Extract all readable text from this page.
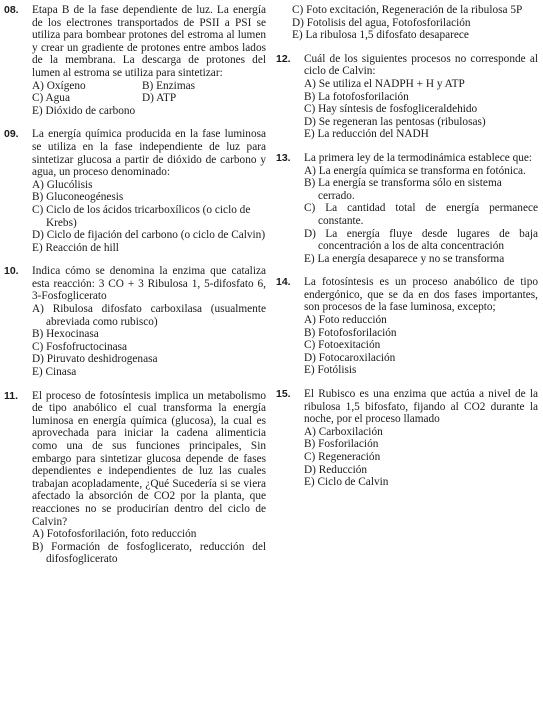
08. Etapa B de la fase dependiente de luz. La energía de los electrones transportados de PSII a PSI se utiliza para bombear protones del estroma al lumen y crear un gradiente de protones entre ambos lados de la membrana. La descarga de protones del lumen al estroma se utiliza para sintetizar:
A) Oxígeno	B) Enzimas
C) Agua	D) ATP
E) Dióxido de carbono
09. La energía química producida en la fase luminosa se utiliza en la fase independiente de luz para sintetizar glucosa a partir de dióxido de carbono y agua, un proceso denominado:
A) Glucólisis
B) Gluconeogénesis
C) Ciclo de los ácidos tricarboxílicos (o ciclo de Krebs)
D) Ciclo de fijación del carbono (o ciclo de Calvin)
E) Reacción de hill
10. Indica cómo se denomina la enzima que cataliza esta reacción: 3 CO + 3 Ribulosa 1, 5-difosfato 6, 3-Fosfoglicerato
A) Ribulosa difosfato carboxilasa (usualmente abreviada como rubisco)
B) Hexocinasa
C) Fosfofructocinasa
D) Piruvato deshidrogenasa
E) Cinasa
11. El proceso de fotosíntesis implica un metabolismo de tipo anabólico el cual transforma la energía luminosa en energía química (glucosa), la cual es aprovechada para iniciar la cadena alimenticia como una de sus funciones principales, Sin embargo para sintetizar glucosa depende de fases dependientes e independientes de luz las cuales trabajan acopladamente, ¿Qué Sucedería si se viera afectado la absorción de CO2 por la planta, que reacciones no se producirían dentro del ciclo de Calvin?
A) Fotofosforilación, foto reducción
B) Formación de fosfoglicerato, reducción del difosfoglicerato
C) Foto excitación, Regeneración de la ribulosa 5P
D) Fotolisis del agua, Fotofosforilación
E) La ribulosa 1,5 difosfato desaparece
12. Cuál de los siguientes procesos no corresponde al ciclo de Calvin:
A) Se utiliza el NADPH + H y ATP
B) La fotofosforilación
C) Hay síntesis de fosfogliceraldehido
D) Se regeneran las pentosas (ribulosas)
E) La reducción del NADH
13. La primera ley de la termodinámica establece que:
A) La energía química se transforma en fotónica.
B) La energía se transforma sólo en sistema cerrado.
C) La cantidad total de energía permanece constante.
D) La energía fluye desde lugares de baja concentración a los de alta concentración
E) La energía desaparece y no se transforma
14. La fotosíntesis es un proceso anabólico de tipo endergónico, que se da en dos fases importantes, son procesos de la fase luminosa, excepto;
A) Foto reducción
B) Fotofosforilación
C) Fotoexitación
D) Fotocaroxilación
E) Fotólisis
15. El Rubisco es una enzima que actúa a nivel de la ribulosa 1,5 bifosfato, fijando al CO2 durante la noche, por el proceso llamado
A) Carboxilación
B) Fosforilación
C) Regeneración
D) Reducción
E) Ciclo de Calvin
